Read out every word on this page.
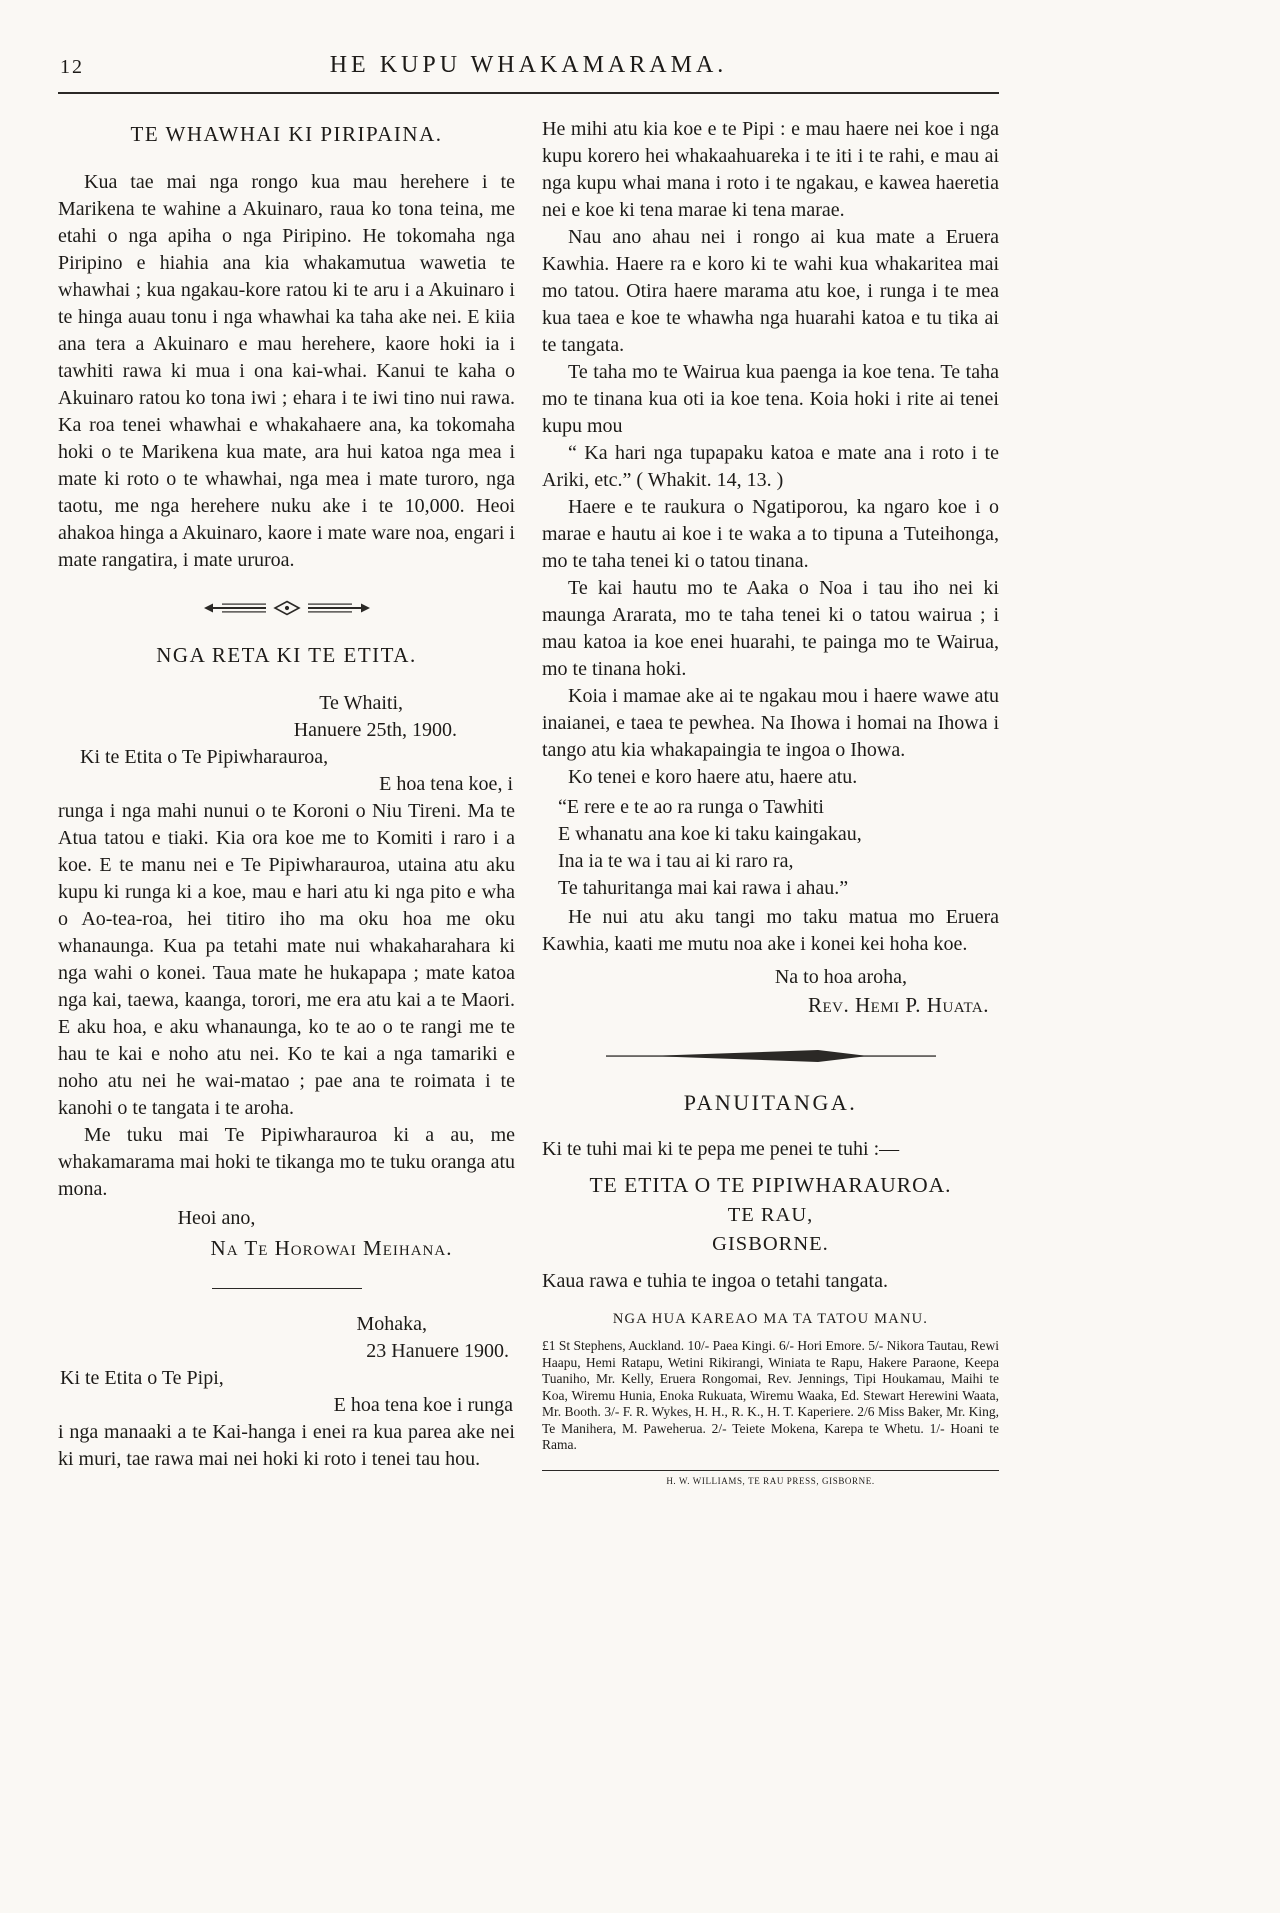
12	HE KUPU WHAKAMARAMA.
TE WHAWHAI KI PIRIPAINA.

Kua tae mai nga rongo kua mau herehere i te Marikena te wahine a Akuinaro, raua ko tona teina, me etahi o nga apiha o nga Piripino. He tokomaha nga Piripino e hiahia ana kia whakamutua wawetia te whawhai ; kua ngakau-kore ratou ki te aru i a Akuinaro i te hinga auau tonu i nga whawhai ka taha ake nei. E kiia ana tera a Akuinaro e mau herehere, kaore hoki ia i tawhiti rawa ki mua i ona kai-whai. Kanui te kaha o Akuinaro ratou ko tona iwi ; ehara i te iwi tino nui rawa. Ka roa tenei whawhai e whakahaere ana, ka tokomaha hoki o te Marikena kua mate, ara hui katoa nga mea i mate ki roto o te whawhai, nga mea i mate turoro, nga taotu, me nga herehere nuku ake i te 10,000. Heoi ahakoa hinga a Akuinaro, kaore i mate ware noa, engari i mate rangatira, i mate ururoa.

NGA RETA KI TE ETITA.
Te Whaiti,
Hanuere 25th, 1900.
Ki te Etita o Te Pipiwharauroa,
E hoa tena koe, i

runga i nga mahi nunui o te Koroni o Niu Tireni. Ma te Atua tatou e tiaki. Kia ora koe me to Komiti i raro i a koe. E te manu nei e Te Pipiwharauroa, utaina atu aku kupu ki runga ki a koe, mau e hari atu ki nga pito e wha o Ao-tea-roa, hei titiro iho ma oku hoa me oku whanaunga. Kua pa tetahi mate nui whakaharahara ki nga wahi o konei. Taua mate he hukapapa ; mate katoa nga kai, taewa, kaanga, torori, me era atu kai a te Maori. E aku hoa, e aku whanaunga, ko te ao o te rangi me te hau te kai e noho atu nei. Ko te kai a nga tamariki e noho atu nei he wai-matao ; pae ana te roimata i te kanohi o te tangata i te aroha.

Me tuku mai Te Pipiwharauroa ki a au, me whakamarama mai hoki te tikanga mo te tuku oranga atu mona.

Heoi ano,
Na Te Horowai Meihana.
Mohaka,
23 Hanuere 1900.
Ki te Etita o Te Pipi,
E hoa tena koe i runga

i nga manaaki a te Kai-hanga i enei ra kua parea ake nei ki muri, tae rawa mai nei hoki ki roto i tenei tau hou.

He mihi atu kia koe e te Pipi : e mau haere nei koe i nga kupu korero hei whakaahuareka i te iti i te rahi, e mau ai nga kupu whai mana i roto i te ngakau, e kawea haeretia nei e koe ki tena marae ki tena marae.

Nau ano ahau nei i rongo ai kua mate a Eruera Kawhia. Haere ra e koro ki te wahi kua whakaritea mai mo tatou. Otira haere marama atu koe, i runga i te mea kua taea e koe te whawha nga huarahi katoa e tu tika ai te tangata.

Te taha mo te Wairua kua paenga ia koe tena. Te taha mo te tinana kua oti ia koe tena. Koia hoki i rite ai tenei kupu mou

“ Ka hari nga tupapaku katoa e mate ana i roto i te Ariki, etc.” ( Whakit. 14, 13. )

Haere e te raukura o Ngatiporou, ka ngaro koe i o marae e hautu ai koe i te waka a to tipuna a Tuteihonga, mo te taha tenei ki o tatou tinana.

Te kai hautu mo te Aaka o Noa i tau iho nei ki maunga Ararata, mo te taha tenei ki o tatou wairua ; i mau katoa ia koe enei huarahi, te painga mo te Wairua, mo te tinana hoki.

Koia i mamae ake ai te ngakau mou i haere wawe atu inaianei, e taea te pewhea. Na Ihowa i homai na Ihowa i tango atu kia whakapaingia te ingoa o Ihowa.

Ko tenei e koro haere atu, haere atu.

“E rere e te ao ra runga o Tawhiti
E whanatu ana koe ki taku kaingakau,
Ina ia te wa i tau ai ki raro ra,
Te tahuritanga mai kai rawa i ahau.”

He nui atu aku tangi mo taku matua mo Eruera Kawhia, kaati me mutu noa ake i konei kei hoha koe.

Na to hoa aroha,
Rev. Hemi P. Huata.
PANUITANGA.
Ki te tuhi mai ki te pepa me penei te tuhi :—
TE ETITA O TE PIPIWHARAUROA.
TE RAU,
GISBORNE.
Kaua rawa e tuhia te ingoa o tetahi tangata.
NGA HUA KAREAO MA TA TATOU MANU.

£1 St Stephens, Auckland. 10/- Paea Kingi. 6/- Hori Emore. 5/- Nikora Tautau, Rewi Haapu, Hemi Ratapu, Wetini Rikirangi, Winiata te Rapu, Hakere Paraone, Keepa Tuaniho, Mr. Kelly, Eruera Rongomai, Rev. Jennings, Tipi Houkamau, Maihi te Koa, Wiremu Hunia, Enoka Rukuata, Wiremu Waaka, Ed. Stewart Herewini Waata, Mr. Booth. 3/- F. R. Wykes, H. H., R. K., H. T. Kaperiere. 2/6 Miss Baker, Mr. King, Te Manihera, M. Paweherua. 2/- Teiete Mokena, Karepa te Whetu. 1/- Hoani te Rama.

H. W. WILLIAMS, TE RAU PRESS, GISBORNE.
